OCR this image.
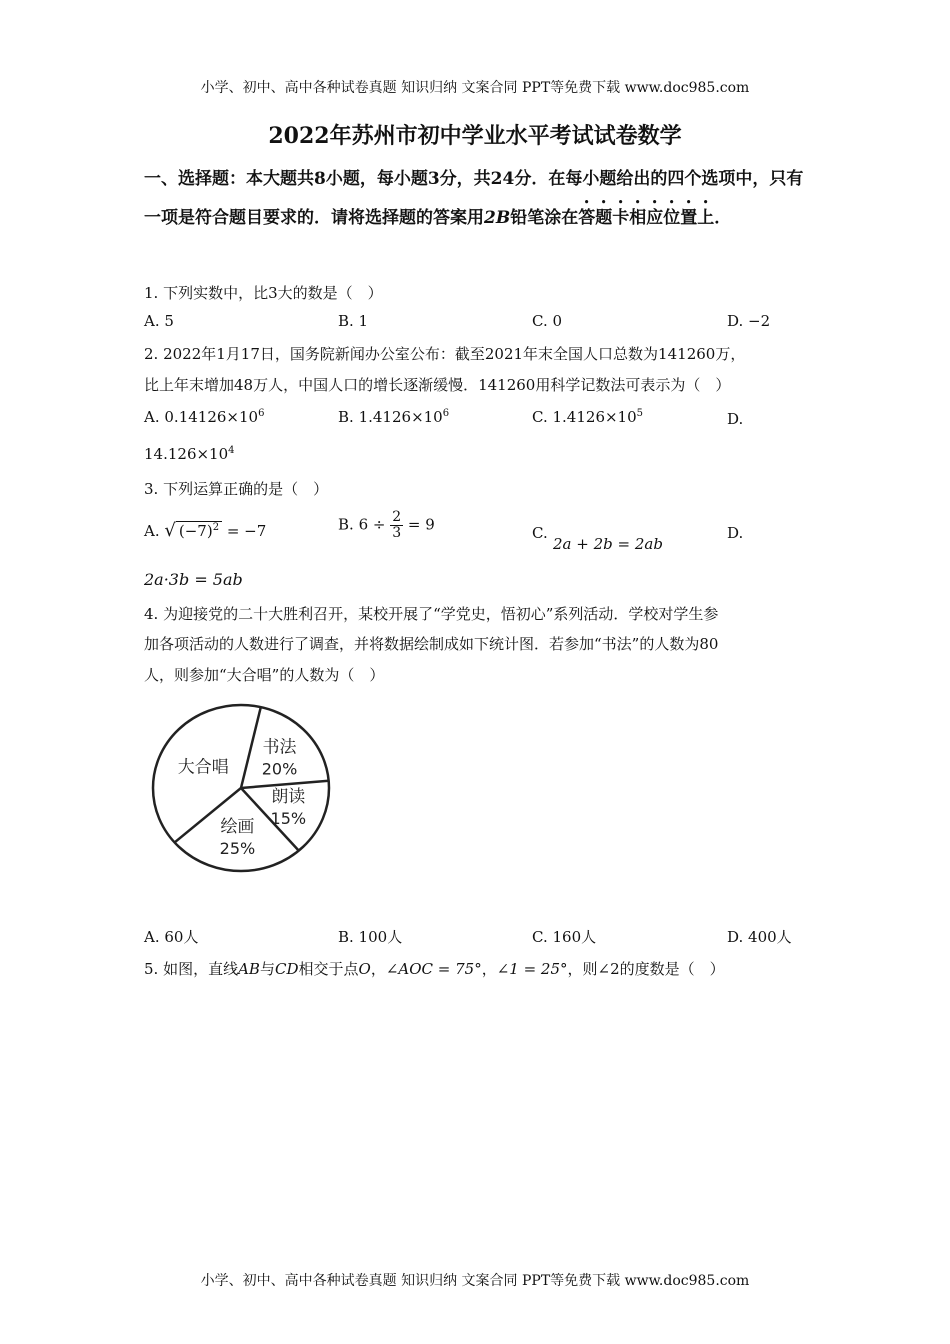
小学、初中、高中各种试卷真题 知识归纳 文案合同 PPT等免费下载 www.doc985.com
2022年苏州市初中学业水平考试试卷数学
一、选择题：本大题共8小题，每小题3分，共24分．在每小题给出的四个选项中，只有一项是符合题目要求的．请将选择题的答案用2B铅笔涂在答题卡相应位置上．
1. 下列实数中，比3大的数是（　）
A. 5	B. 1	C. 0	D. −2
2. 2022年1月17日，国务院新闻办公室公布：截至2021年末全国人口总数为141260万，
比上年末增加48万人，中国人口的增长逐渐缓慢．141260用科学记数法可表示为（　）
A. $0.14126\times 10^6$	B. $1.4126\times 10^6$	C. $1.4126\times 10^5$	D.
$14.126\times 10^4$
3. 下列运算正确的是（　）
A. √ $(-7)^2 = -7$	B. $6 \div \frac{2}{3} = 9$	C.
2a + 2b = 2ab
D.
2a·3b = 5ab
4. 为迎接党的二十大胜利召开，某校开展了“学党史，悟初心”系列活动．学校对学生参
加各项活动的人数进行了调查，并将数据绘制成如下统计图．若参加“书法”的人数为80
人，则参加“大合唱”的人数为（　）
书法
20%
朗读
15%
绘画
25%
大合唱
A. 60人	B. 100人	C. 160人	D. 400人
5. 如图，直线AB与CD相交于点O，∠AOC = 75°，∠1 = 25°，则∠2的度数是（　）
小学、初中、高中各种试卷真题 知识归纳 文案合同 PPT等免费下载 www.doc985.com
